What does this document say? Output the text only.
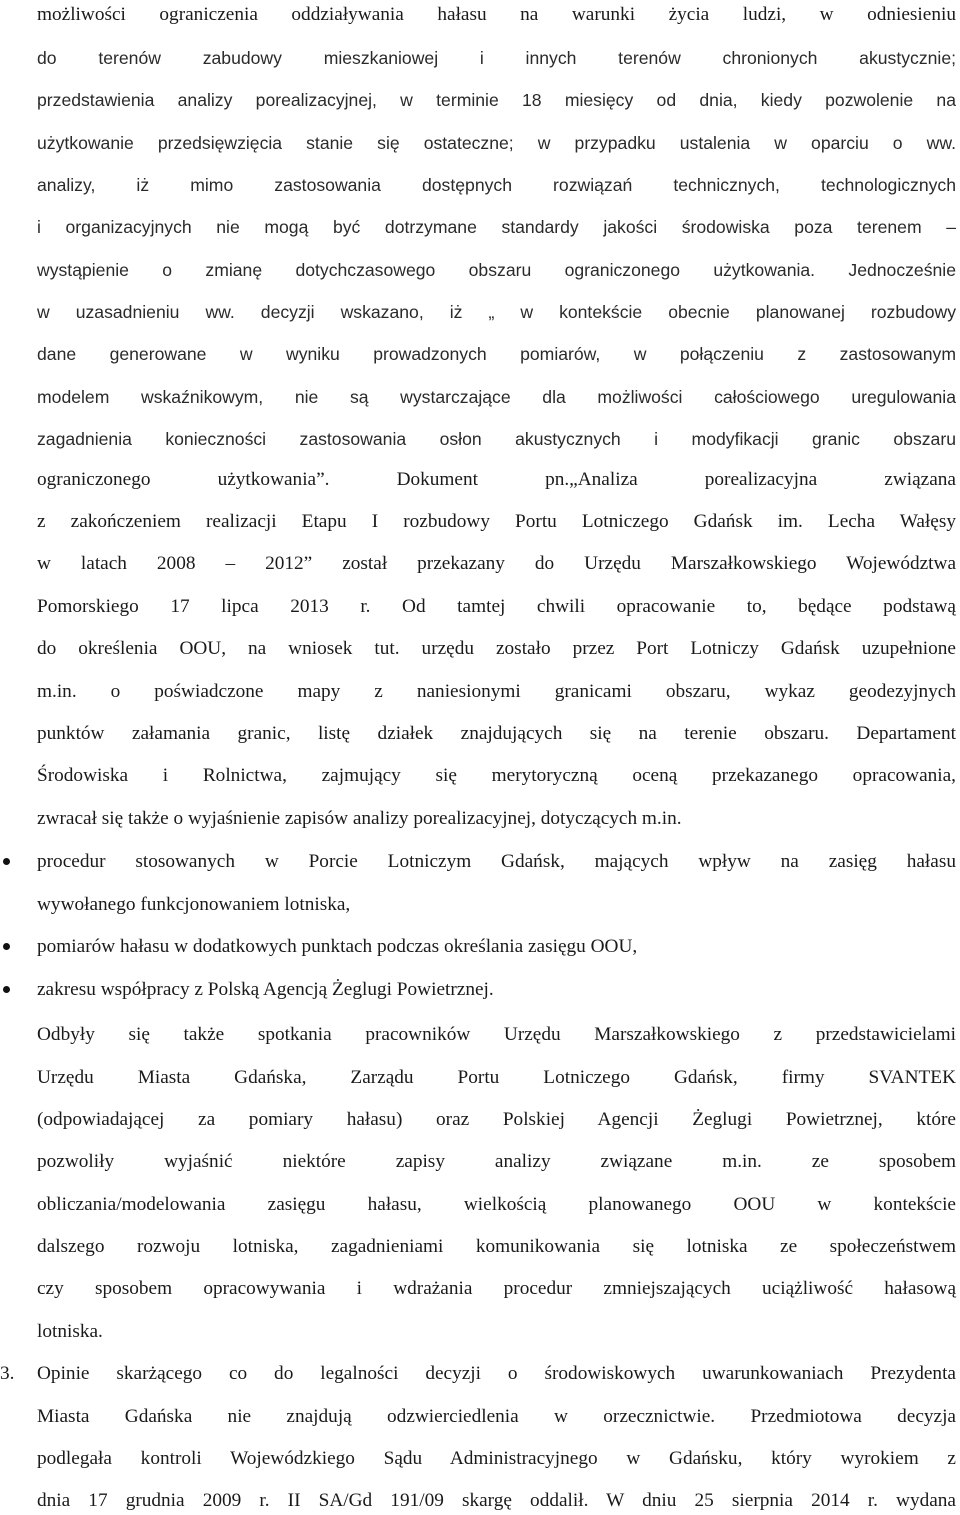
możliwości ograniczenia oddziaływania hałasu na warunki życia ludzi, w odniesieniu
do terenów zabudowy mieszkaniowej i innych terenów chronionych akustycznie;
przedstawienia analizy porealizacyjnej, w terminie 18 miesięcy od dnia, kiedy pozwolenie na
użytkowanie przedsięwzięcia stanie się ostateczne; w przypadku ustalenia w oparciu o ww.
analizy, iż mimo zastosowania dostępnych rozwiązań technicznych, technologicznych
i organizacyjnych nie mogą być dotrzymane standardy jakości środowiska poza terenem –
wystąpienie o zmianę dotychczasowego obszaru ograniczonego użytkowania. Jednocześnie
w uzasadnieniu ww. decyzji wskazano, iż „ w kontekście obecnie planowanej rozbudowy
dane generowane w wyniku prowadzonych pomiarów, w połączeniu z zastosowanym
modelem wskaźnikowym, nie są wystarczające dla możliwości całościowego uregulowania
zagadnienia konieczności zastosowania osłon akustycznych i modyfikacji granic obszaru
ograniczonego użytkowania”. Dokument pn.„Analiza porealizacyjna związana
z zakończeniem realizacji Etapu I rozbudowy Portu Lotniczego Gdańsk im. Lecha Wałęsy
w latach 2008 – 2012” został przekazany do Urzędu Marszałkowskiego Województwa
Pomorskiego 17 lipca 2013 r. Od tamtej chwili opracowanie to, będące podstawą
do określenia OOU, na wniosek tut. urzędu zostało przez Port Lotniczy Gdańsk uzupełnione
m.in. o poświadczone mapy z naniesionymi granicami obszaru, wykaz geodezyjnych
punktów załamania granic, listę działek znajdujących się na terenie obszaru. Departament
Środowiska i Rolnictwa, zajmujący się merytoryczną oceną przekazanego opracowania,
zwracał się także o wyjaśnienie zapisów analizy porealizacyjnej, dotyczących m.in.
procedur stosowanych w Porcie Lotniczym Gdańsk, mających wpływ na zasięg hałasu
wywołanego funkcjonowaniem lotniska,
pomiarów hałasu w dodatkowych punktach podczas określania zasięgu OOU,
zakresu współpracy z Polską Agencją Żeglugi Powietrznej.
Odbyły się także spotkania pracowników Urzędu Marszałkowskiego z przedstawicielami
Urzędu Miasta Gdańska, Zarządu Portu Lotniczego Gdańsk, firmy SVANTEK
(odpowiadającej za pomiary hałasu) oraz Polskiej Agencji Żeglugi Powietrznej, które
pozwoliły wyjaśnić niektóre zapisy analizy związane m.in. ze sposobem
obliczania/modelowania zasięgu hałasu, wielkością planowanego OOU w kontekście
dalszego rozwoju lotniska, zagadnieniami komunikowania się lotniska ze społeczeństwem
czy sposobem opracowywania i wdrażania procedur zmniejszających uciążliwość hałasową
lotniska.
3. Opinie skarżącego co do legalności decyzji o środowiskowych uwarunkowaniach Prezydenta
Miasta Gdańska nie znajdują odzwierciedlenia w orzecznictwie. Przedmiotowa decyzja
podlegała kontroli Wojewódzkiego Sądu Administracyjnego w Gdańsku, który wyrokiem z
dnia 17 grudnia 2009 r. II SA/Gd 191/09 skargę oddalił. W dniu 25 sierpnia 2014 r. wydana
